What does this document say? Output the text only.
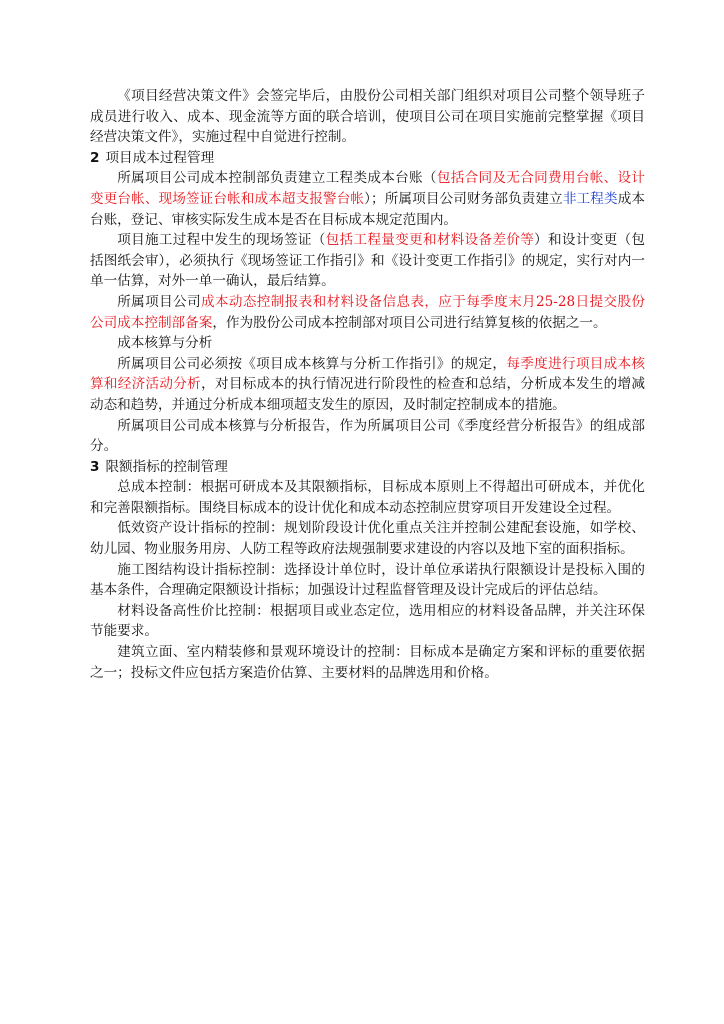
《项目经营决策文件》会签完毕后，由股份公司相关部门组织对项目公司整个领导班子成员进行收入、成本、现金流等方面的联合培训，使项目公司在项目实施前完整掌握《项目经营决策文件》，实施过程中自觉进行控制。

2 项目成本过程管理

所属项目公司成本控制部负责建立工程类成本台账（包括合同及无合同费用台帐、设计变更台帐、现场签证台帐和成本超支报警台帐）；所属项目公司财务部负责建立非工程类成本台账，登记、审核实际发生成本是否在目标成本规定范围内。

项目施工过程中发生的现场签证（包括工程量变更和材料设备差价等）和设计变更（包括图纸会审），必须执行《现场签证工作指引》和《设计变更工作指引》的规定，实行对内一单一估算，对外一单一确认，最后结算。

所属项目公司成本动态控制报表和材料设备信息表，应于每季度末月25-28日提交股份公司成本控制部备案，作为股份公司成本控制部对项目公司进行结算复核的依据之一。

成本核算与分析

所属项目公司必须按《项目成本核算与分析工作指引》的规定，每季度进行项目成本核算和经济活动分析，对目标成本的执行情况进行阶段性的检查和总结，分析成本发生的增减动态和趋势，并通过分析成本细项超支发生的原因，及时制定控制成本的措施。

所属项目公司成本核算与分析报告，作为所属项目公司《季度经营分析报告》的组成部分。

3 限额指标的控制管理

总成本控制：根据可研成本及其限额指标，目标成本原则上不得超出可研成本，并优化和完善限额指标。围绕目标成本的设计优化和成本动态控制应贯穿项目开发建设全过程。

低效资产设计指标的控制：规划阶段设计优化重点关注并控制公建配套设施，如学校、幼儿园、物业服务用房、人防工程等政府法规强制要求建设的内容以及地下室的面积指标。

施工图结构设计指标控制：选择设计单位时，设计单位承诺执行限额设计是投标入围的基本条件，合理确定限额设计指标；加强设计过程监督管理及设计完成后的评估总结。

材料设备高性价比控制：根据项目或业态定位，选用相应的材料设备品牌，并关注环保节能要求。

建筑立面、室内精装修和景观环境设计的控制：目标成本是确定方案和评标的重要依据之一；投标文件应包括方案造价估算、主要材料的品牌选用和价格。
